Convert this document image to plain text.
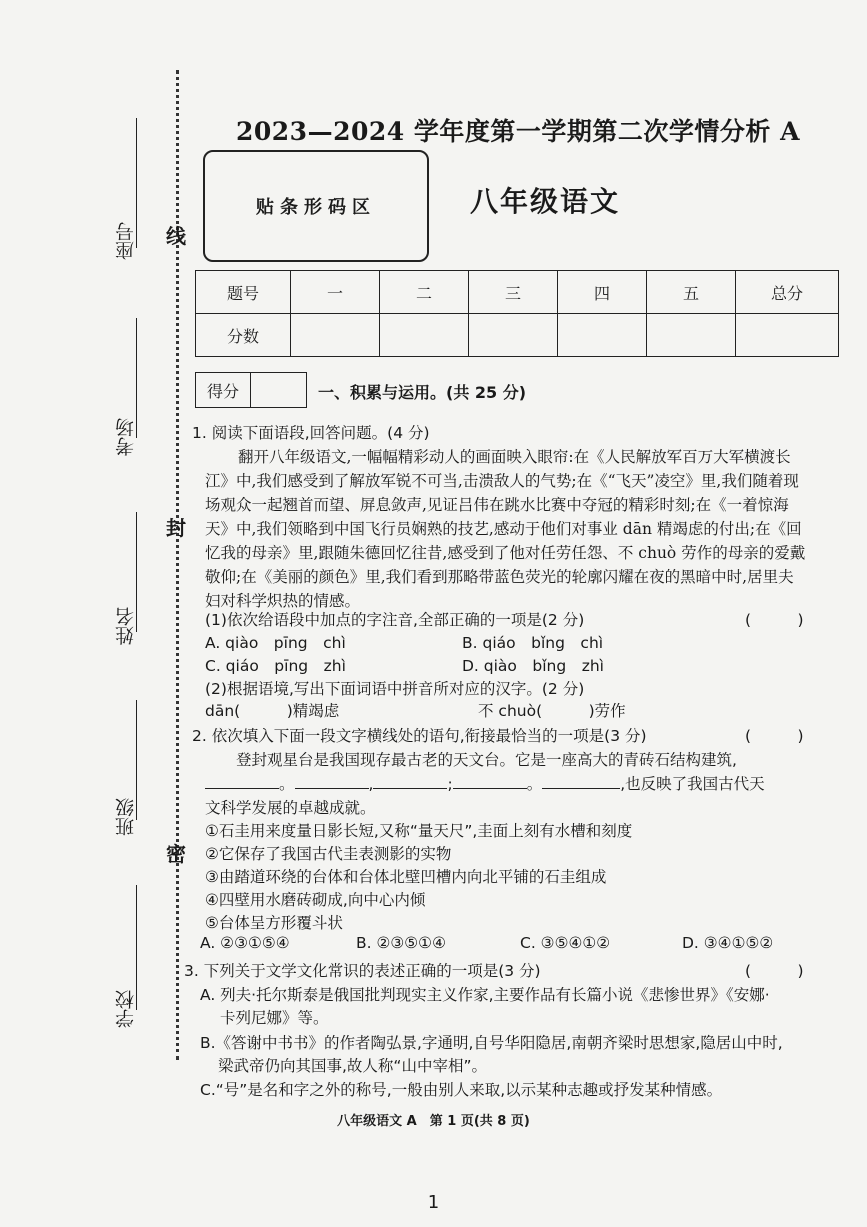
座号
考场
姓名
班级
学校
线
封
密
2023—2024 学年度第一学期第二次学情分析 A
贴条形码区	八年级语文
题号	一	二	三	四	五	总分
分数						
得分	一、积累与运用。(共 25 分)
1. 阅读下面语段,回答问题。(4 分)
翻开八年级语文,一幅幅精彩动人的画面映入眼帘:在《人民解放军百万大军横渡长
江》中,我们感受到了解放军锐不可当,击溃敌人的气势;在《“飞天”凌空》里,我们随着现
场观众一起翘首而望、屏息敛声,见证吕伟在跳水比赛中夺冠的精彩时刻;在《一着惊海
天》中,我们领略到中国飞行员娴熟的技艺,感动于他们对事业 dān 精竭虑的付出;在《回
忆我的母亲》里,跟随朱德回忆往昔,感受到了他对任劳任怨、不 chuò 劳作的母亲的爱戴
敬仰;在《美丽的颜色》里,我们看到那略带蓝色荧光的轮廓闪耀在夜的黑暗中时,居里夫
妇对科学炽热的情感。
(1)依次给语段中加点的字注音,全部正确的一项是(2 分)	(　　　)
A. qiào　pīng　chì	B. qiáo　bǐng　chì
C. qiáo　pīng　zhì	D. qiào　bǐng　zhì
(2)根据语境,写出下面词语中拼音所对应的汉字。(2 分)
dān(　　　)精竭虑	不 chuò(　　　)劳作
2. 依次填入下面一段文字横线处的语句,衔接最恰当的一项是(3 分)	(　　　)
登封观星台是我国现存最古老的天文台。它是一座高大的青砖石结构建筑,
。	,	;	。	,也反映了我国古代天
文科学发展的卓越成就。
①石圭用来度量日影长短,又称“量天尺”,圭面上刻有水槽和刻度
②它保存了我国古代圭表测影的实物
③由踏道环绕的台体和台体北壁凹槽内向北平铺的石圭组成
④四壁用水磨砖砌成,向中心内倾
⑤台体呈方形覆斗状
A. ②③①⑤④	B. ②③⑤①④	C. ③⑤④①②	D. ③④①⑤②
3. 下列关于文学文化常识的表述正确的一项是(3 分)	(　　　)
A. 列夫·托尔斯泰是俄国批判现实主义作家,主要作品有长篇小说《悲惨世界》《安娜·
卡列尼娜》等。
B.《答谢中书书》的作者陶弘景,字通明,自号华阳隐居,南朝齐梁时思想家,隐居山中时,
梁武帝仍向其国事,故人称“山中宰相”。
C.“号”是名和字之外的称号,一般由别人来取,以示某种志趣或抒发某种情感。
八年级语文 A　第 1 页(共 8 页)
1
